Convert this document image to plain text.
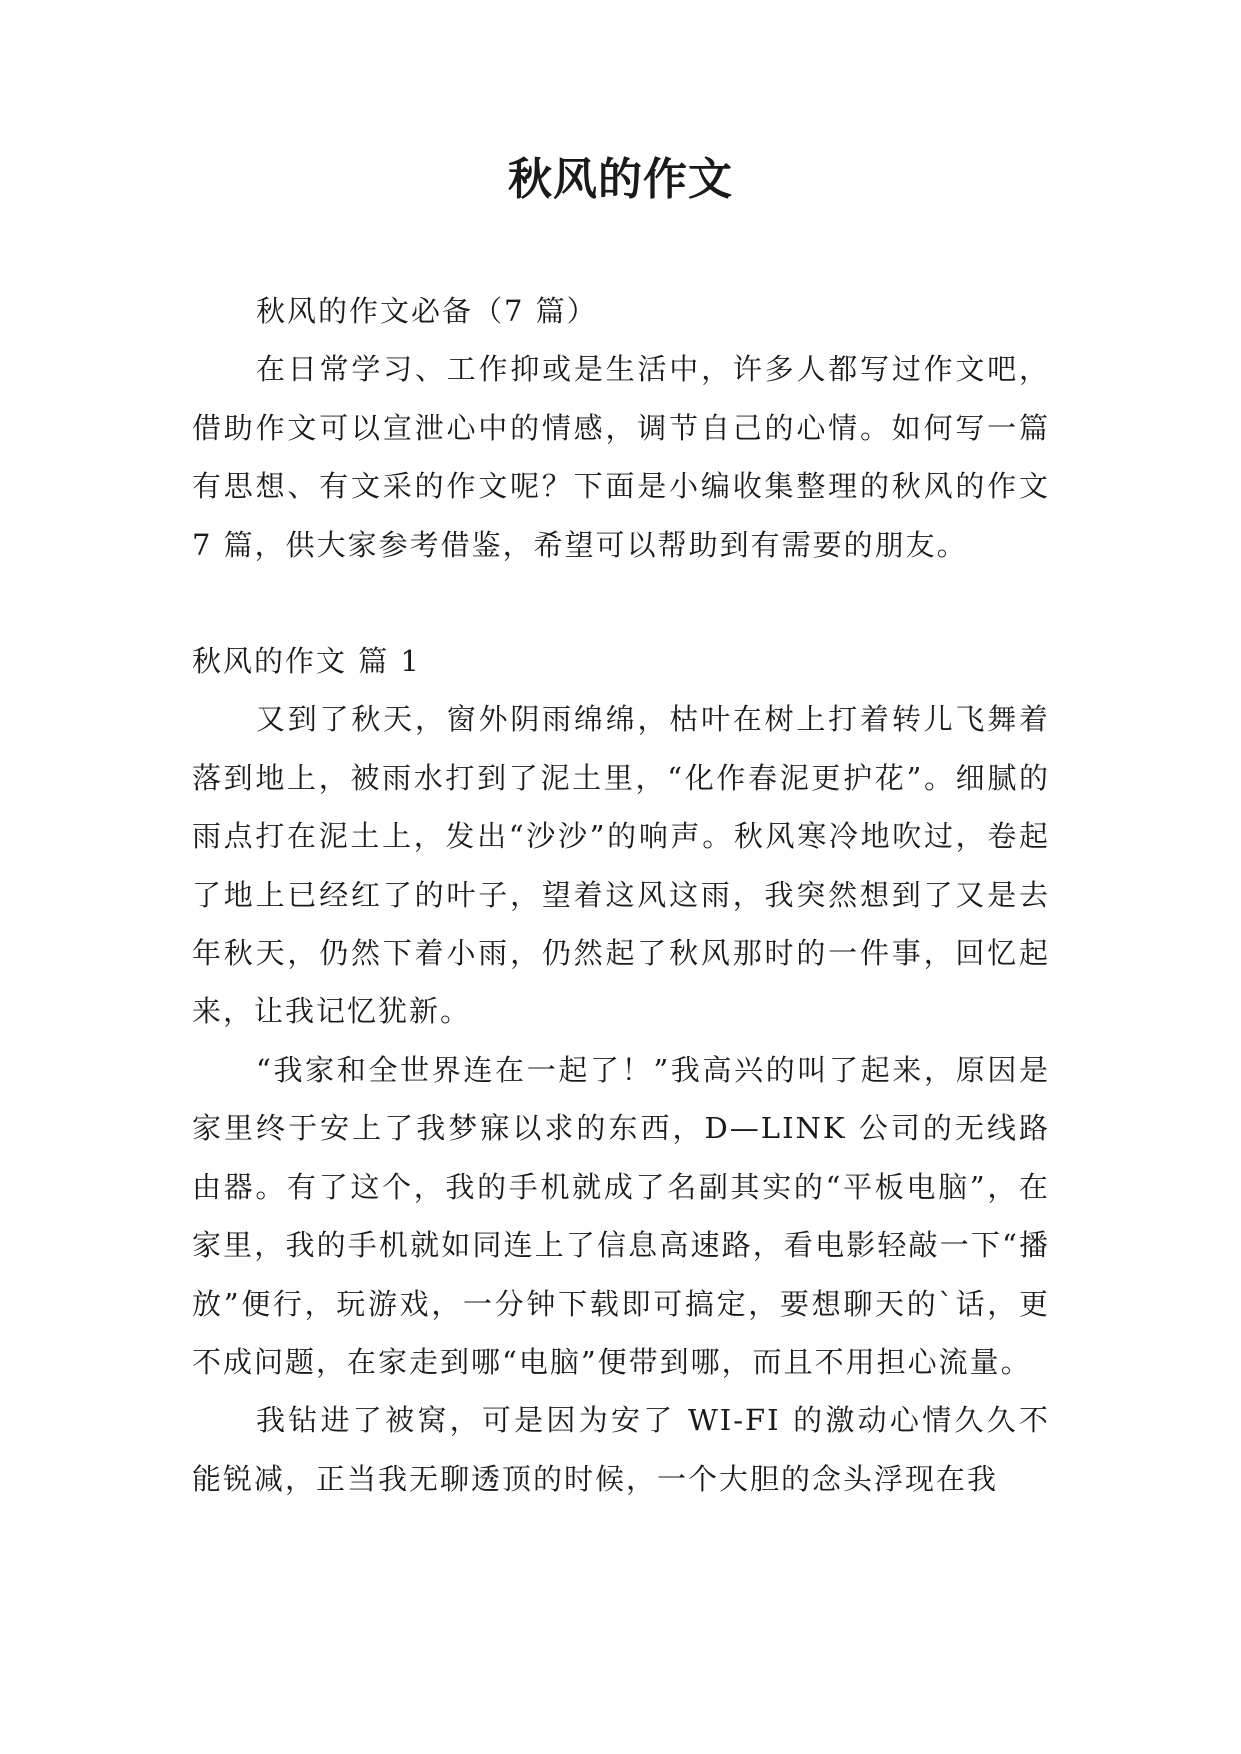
秋风的作文

秋风的作文必备（7 篇）

在日常学习、工作抑或是生活中，许多人都写过作文吧，借助作文可以宣泄心中的情感，调节自己的心情。如何写一篇有思想、有文采的作文呢？下面是小编收集整理的秋风的作文 7 篇，供大家参考借鉴，希望可以帮助到有需要的朋友。

秋风的作文 篇 1

又到了秋天，窗外阴雨绵绵，枯叶在树上打着转儿飞舞着落到地上，被雨水打到了泥土里，“化作春泥更护花”。细腻的雨点打在泥土上，发出“沙沙”的响声。秋风寒冷地吹过，卷起了地上已经红了的叶子，望着这风这雨，我突然想到了又是去年秋天，仍然下着小雨，仍然起了秋风那时的一件事，回忆起来，让我记忆犹新。

“我家和全世界连在一起了！”我高兴的叫了起来，原因是家里终于安上了我梦寐以求的东西，D—LINK 公司的无线路由器。有了这个，我的手机就成了名副其实的“平板电脑”，在家里，我的手机就如同连上了信息高速路，看电影轻敲一下“播放”便行，玩游戏，一分钟下载即可搞定，要想聊天的`话，更不成问题，在家走到哪“电脑”便带到哪，而且不用担心流量。

我钻进了被窝，可是因为安了 WI-FI 的激动心情久久不能锐减，正当我无聊透顶的时候，一个大胆的念头浮现在我
